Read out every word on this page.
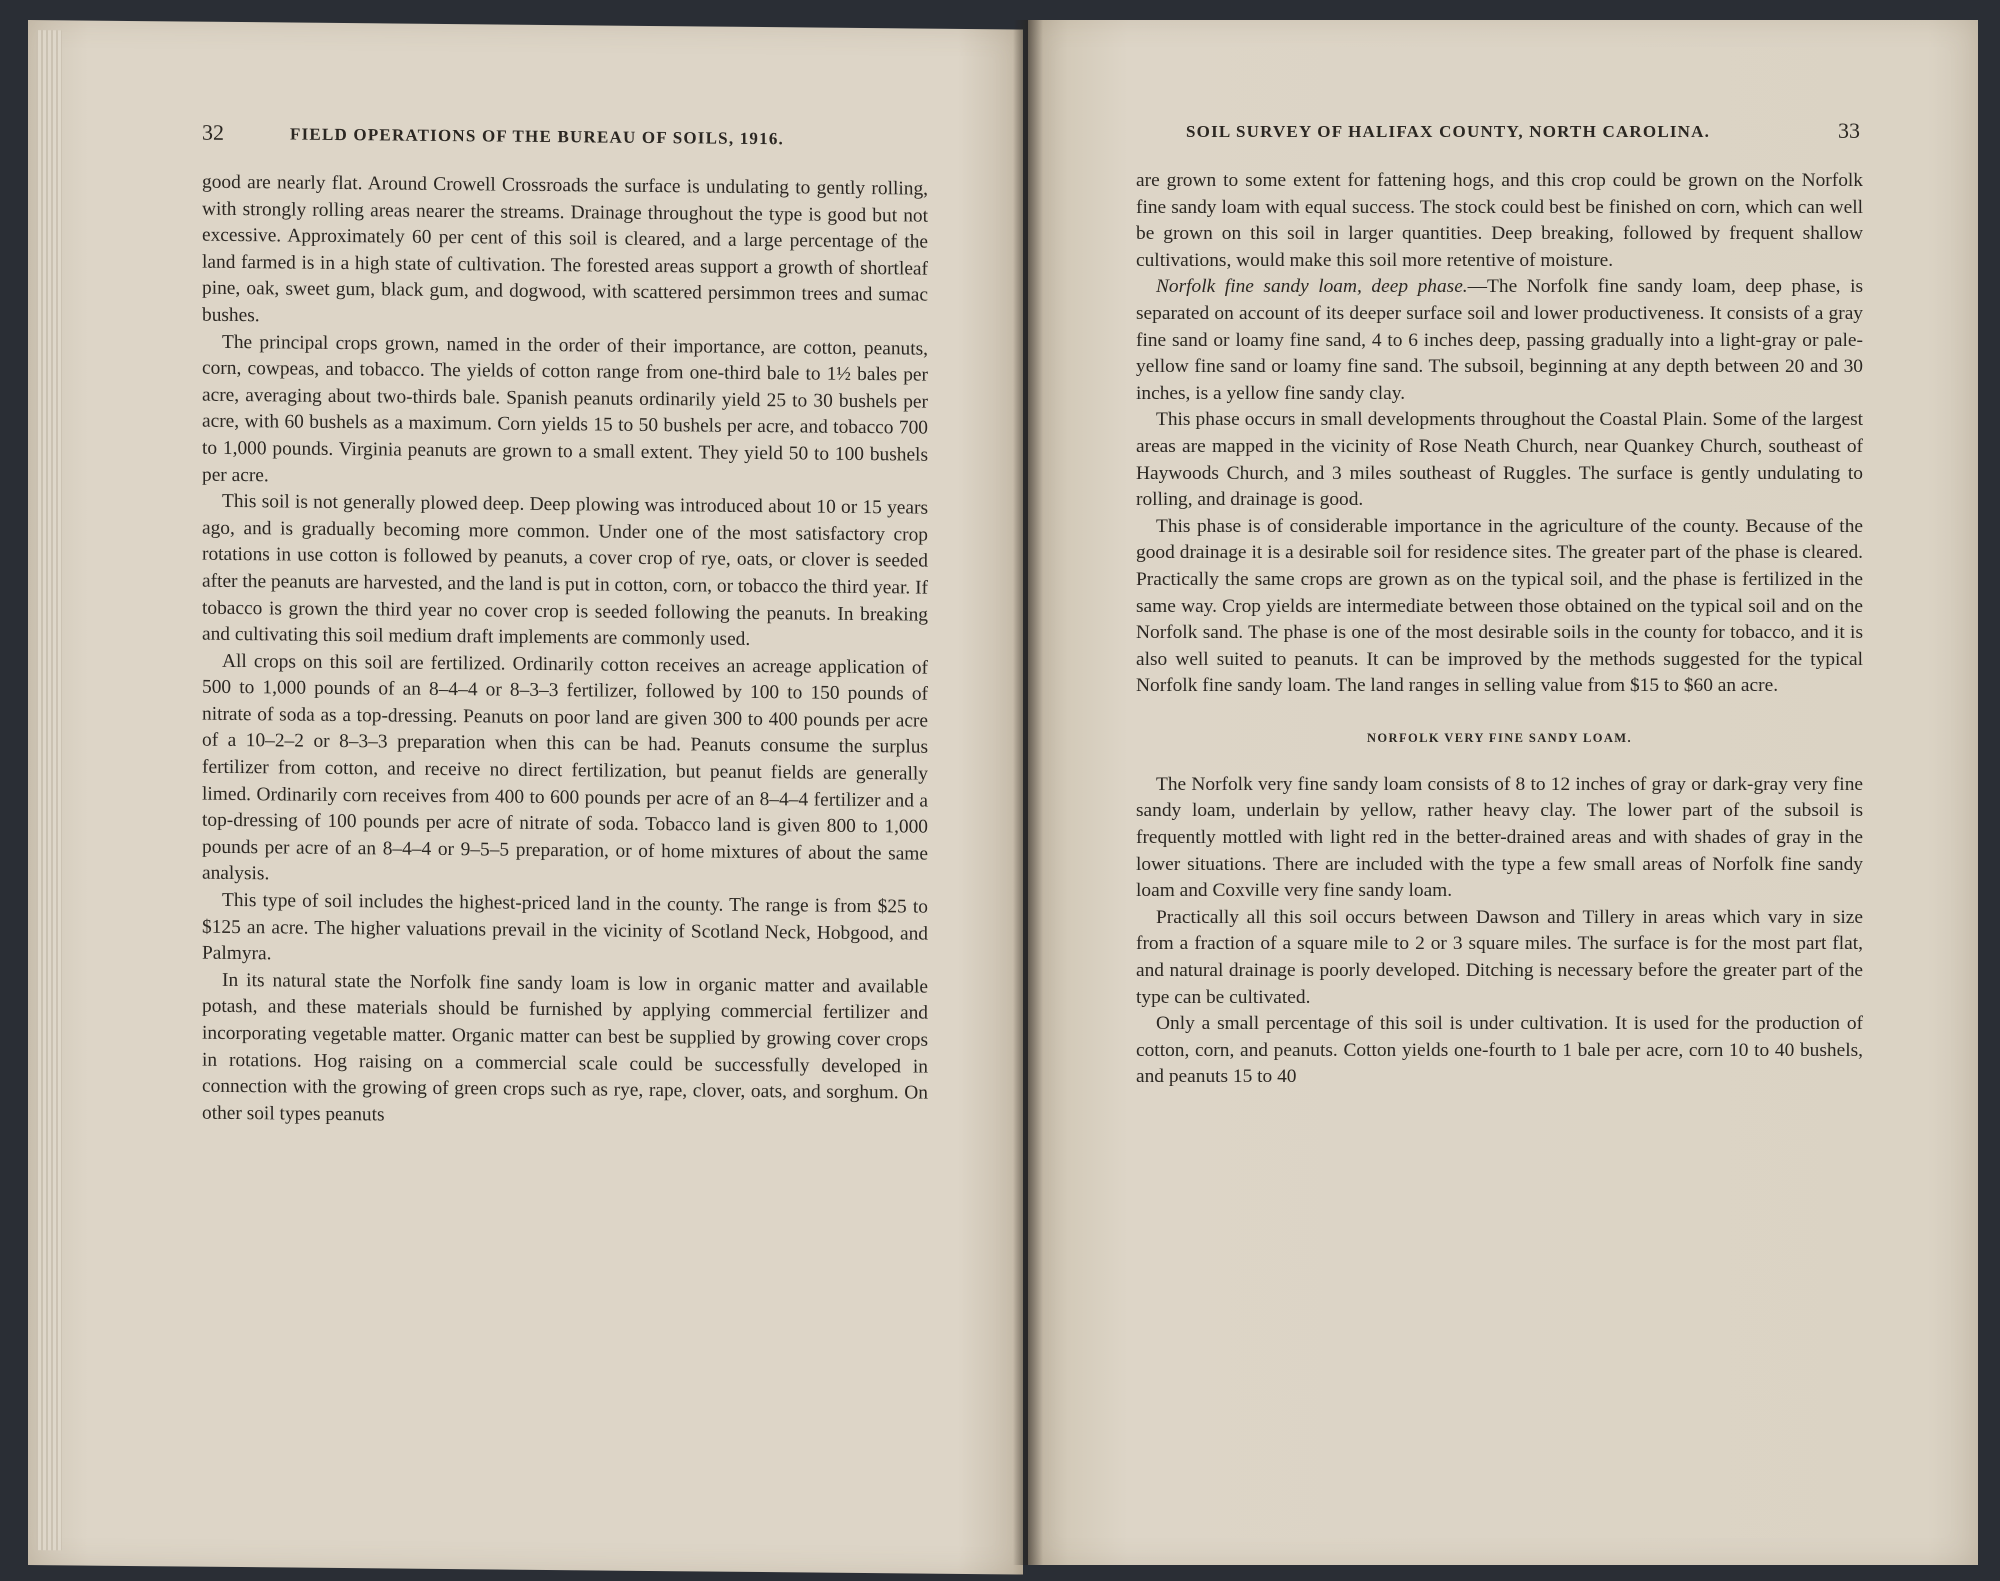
32	FIELD OPERATIONS OF THE BUREAU OF SOILS, 1916.

good are nearly flat. Around Crowell Crossroads the surface is undulating to gently rolling, with strongly rolling areas nearer the streams. Drainage throughout the type is good but not excessive. Approximately 60 per cent of this soil is cleared, and a large percentage of the land farmed is in a high state of cultivation. The forested areas support a growth of shortleaf pine, oak, sweet gum, black gum, and dogwood, with scattered persimmon trees and sumac bushes.

The principal crops grown, named in the order of their importance, are cotton, peanuts, corn, cowpeas, and tobacco. The yields of cotton range from one-third bale to 1½ bales per acre, averaging about two-thirds bale. Spanish peanuts ordinarily yield 25 to 30 bushels per acre, with 60 bushels as a maximum. Corn yields 15 to 50 bushels per acre, and tobacco 700 to 1,000 pounds. Virginia peanuts are grown to a small extent. They yield 50 to 100 bushels per acre.

This soil is not generally plowed deep. Deep plowing was introduced about 10 or 15 years ago, and is gradually becoming more common. Under one of the most satisfactory crop rotations in use cotton is followed by peanuts, a cover crop of rye, oats, or clover is seeded after the peanuts are harvested, and the land is put in cotton, corn, or tobacco the third year. If tobacco is grown the third year no cover crop is seeded following the peanuts. In breaking and cultivating this soil medium draft implements are commonly used.

All crops on this soil are fertilized. Ordinarily cotton receives an acreage application of 500 to 1,000 pounds of an 8–4–4 or 8–3–3 fertilizer, followed by 100 to 150 pounds of nitrate of soda as a top-dressing. Peanuts on poor land are given 300 to 400 pounds per acre of a 10–2–2 or 8–3–3 preparation when this can be had. Peanuts consume the surplus fertilizer from cotton, and receive no direct fertilization, but peanut fields are generally limed. Ordinarily corn receives from 400 to 600 pounds per acre of an 8–4–4 fertilizer and a top-dressing of 100 pounds per acre of nitrate of soda. Tobacco land is given 800 to 1,000 pounds per acre of an 8–4–4 or 9–5–5 preparation, or of home mixtures of about the same analysis.

This type of soil includes the highest-priced land in the county. The range is from $25 to $125 an acre. The higher valuations prevail in the vicinity of Scotland Neck, Hobgood, and Palmyra.

In its natural state the Norfolk fine sandy loam is low in organic matter and available potash, and these materials should be furnished by applying commercial fertilizer and incorporating vegetable matter. Organic matter can best be supplied by growing cover crops in rotations. Hog raising on a commercial scale could be successfully developed in connection with the growing of green crops such as rye, rape, clover, oats, and sorghum. On other soil types peanuts

SOIL SURVEY OF HALIFAX COUNTY, NORTH CAROLINA.	33

are grown to some extent for fattening hogs, and this crop could be grown on the Norfolk fine sandy loam with equal success. The stock could best be finished on corn, which can well be grown on this soil in larger quantities. Deep breaking, followed by frequent shallow cultivations, would make this soil more retentive of moisture.

Norfolk fine sandy loam, deep phase.—The Norfolk fine sandy loam, deep phase, is separated on account of its deeper surface soil and lower productiveness. It consists of a gray fine sand or loamy fine sand, 4 to 6 inches deep, passing gradually into a light-gray or pale-yellow fine sand or loamy fine sand. The subsoil, beginning at any depth between 20 and 30 inches, is a yellow fine sandy clay.

This phase occurs in small developments throughout the Coastal Plain. Some of the largest areas are mapped in the vicinity of Rose Neath Church, near Quankey Church, southeast of Haywoods Church, and 3 miles southeast of Ruggles. The surface is gently undulating to rolling, and drainage is good.

This phase is of considerable importance in the agriculture of the county. Because of the good drainage it is a desirable soil for residence sites. The greater part of the phase is cleared. Practically the same crops are grown as on the typical soil, and the phase is fertilized in the same way. Crop yields are intermediate between those obtained on the typical soil and on the Norfolk sand. The phase is one of the most desirable soils in the county for tobacco, and it is also well suited to peanuts. It can be improved by the methods suggested for the typical Norfolk fine sandy loam. The land ranges in selling value from $15 to $60 an acre.

NORFOLK VERY FINE SANDY LOAM.

The Norfolk very fine sandy loam consists of 8 to 12 inches of gray or dark-gray very fine sandy loam, underlain by yellow, rather heavy clay. The lower part of the subsoil is frequently mottled with light red in the better-drained areas and with shades of gray in the lower situations. There are included with the type a few small areas of Norfolk fine sandy loam and Coxville very fine sandy loam.

Practically all this soil occurs between Dawson and Tillery in areas which vary in size from a fraction of a square mile to 2 or 3 square miles. The surface is for the most part flat, and natural drainage is poorly developed. Ditching is necessary before the greater part of the type can be cultivated.

Only a small percentage of this soil is under cultivation. It is used for the production of cotton, corn, and peanuts. Cotton yields one-fourth to 1 bale per acre, corn 10 to 40 bushels, and peanuts 15 to 40
